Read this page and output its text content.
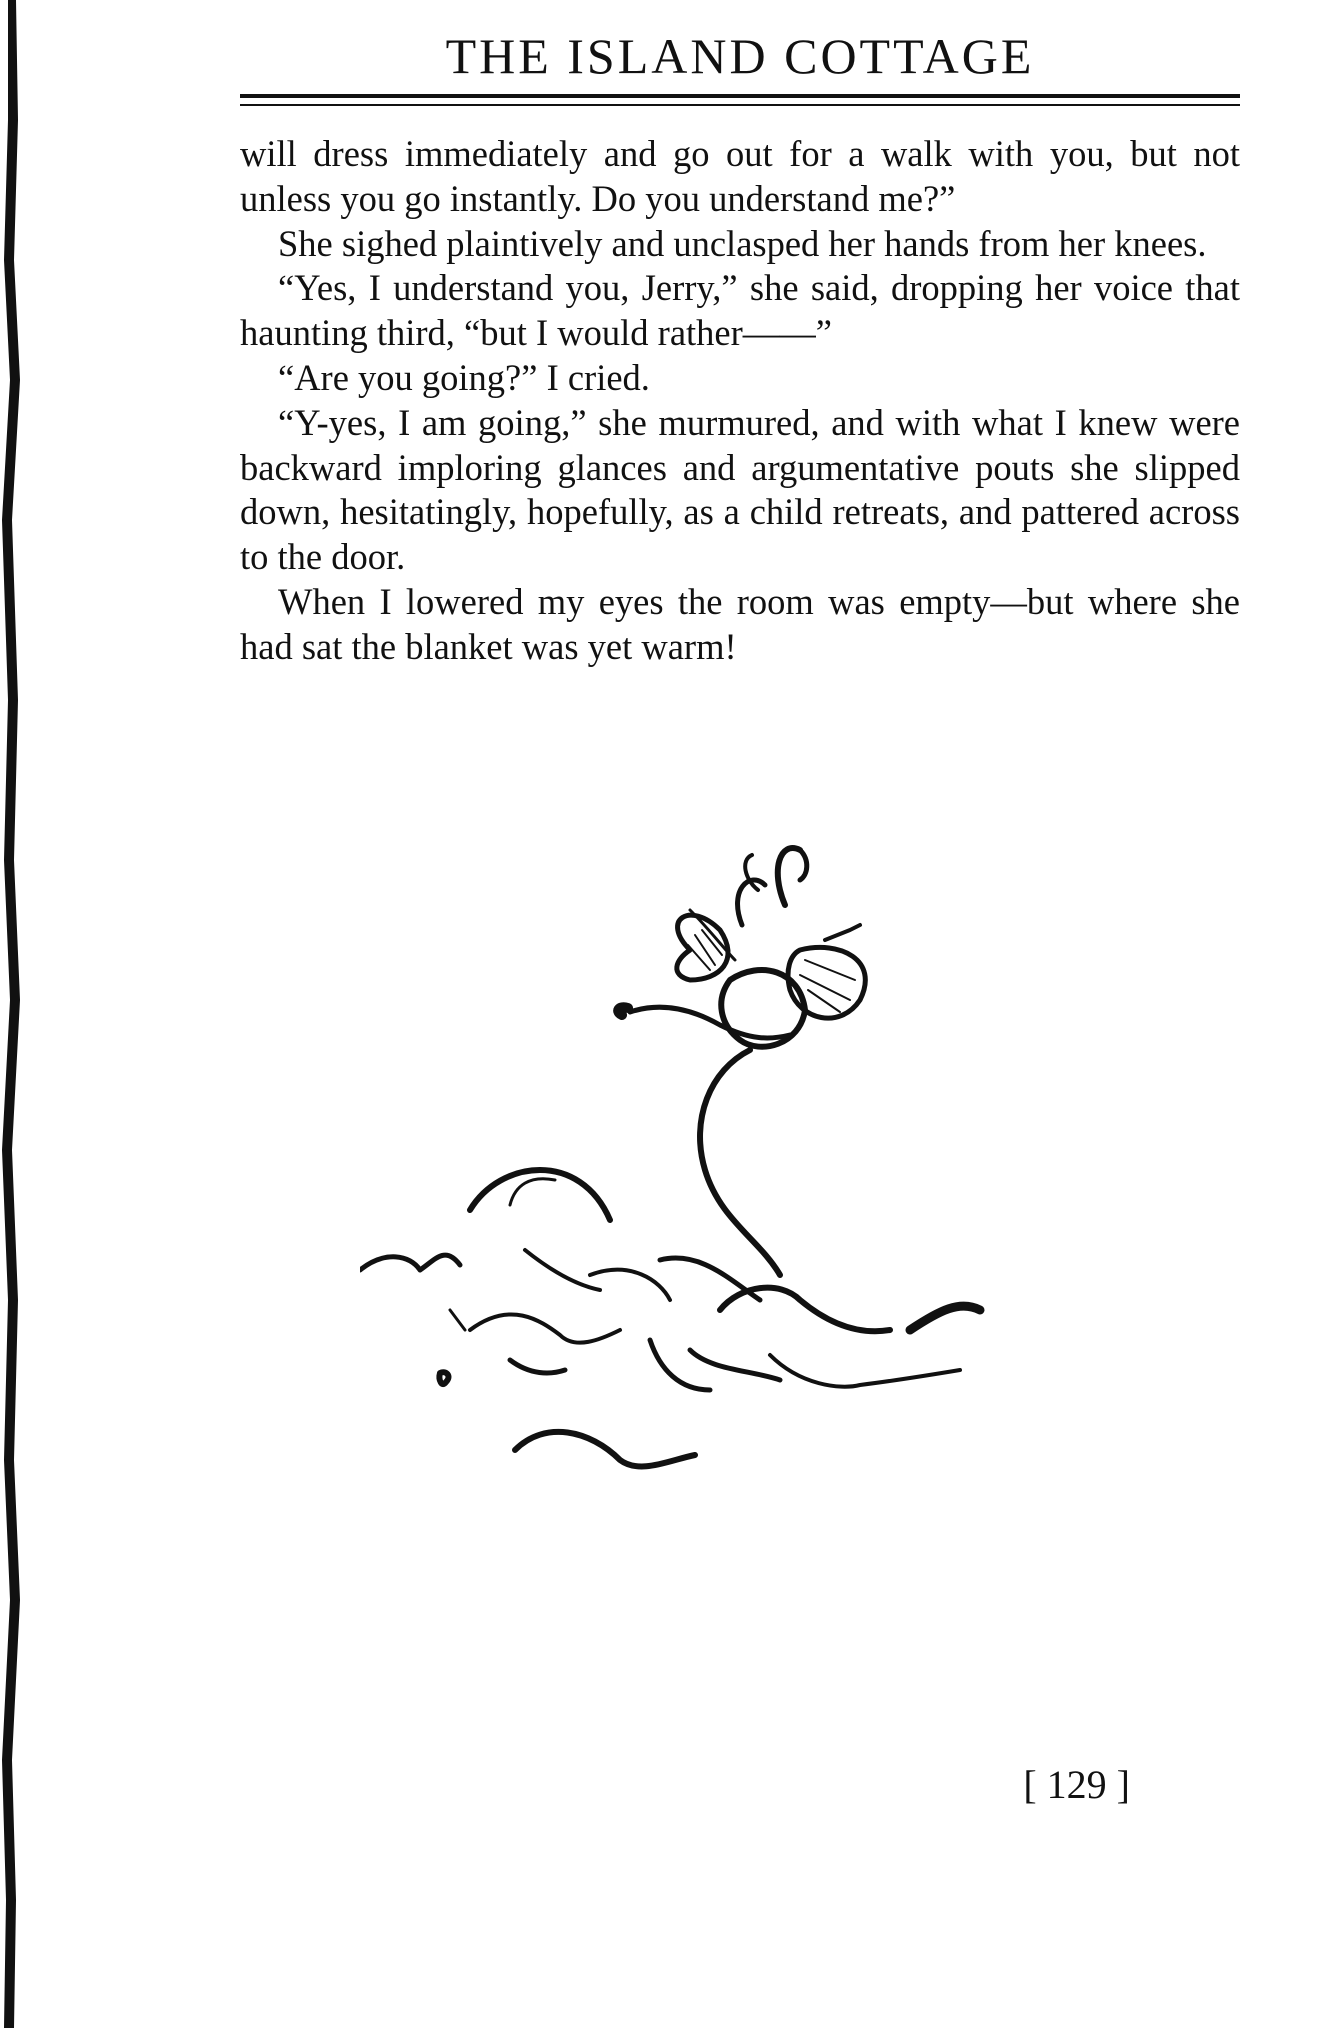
THE ISLAND COTTAGE

will dress immediately and go out for a walk with you, but not unless you go instantly. Do you understand me?”

She sighed plaintively and unclasped her hands from her knees.

“Yes, I understand you, Jerry,” she said, dropping her voice that haunting third, “but I would rather——”

“Are you going?” I cried.

“Y-yes, I am going,” she murmured, and with what I knew were backward imploring glances and argumentative pouts she slipped down, hesitatingly, hopefully, as a child retreats, and pattered across to the door.

When I lowered my eyes the room was empty—but where she had sat the blanket was yet warm!

[ 129 ]
